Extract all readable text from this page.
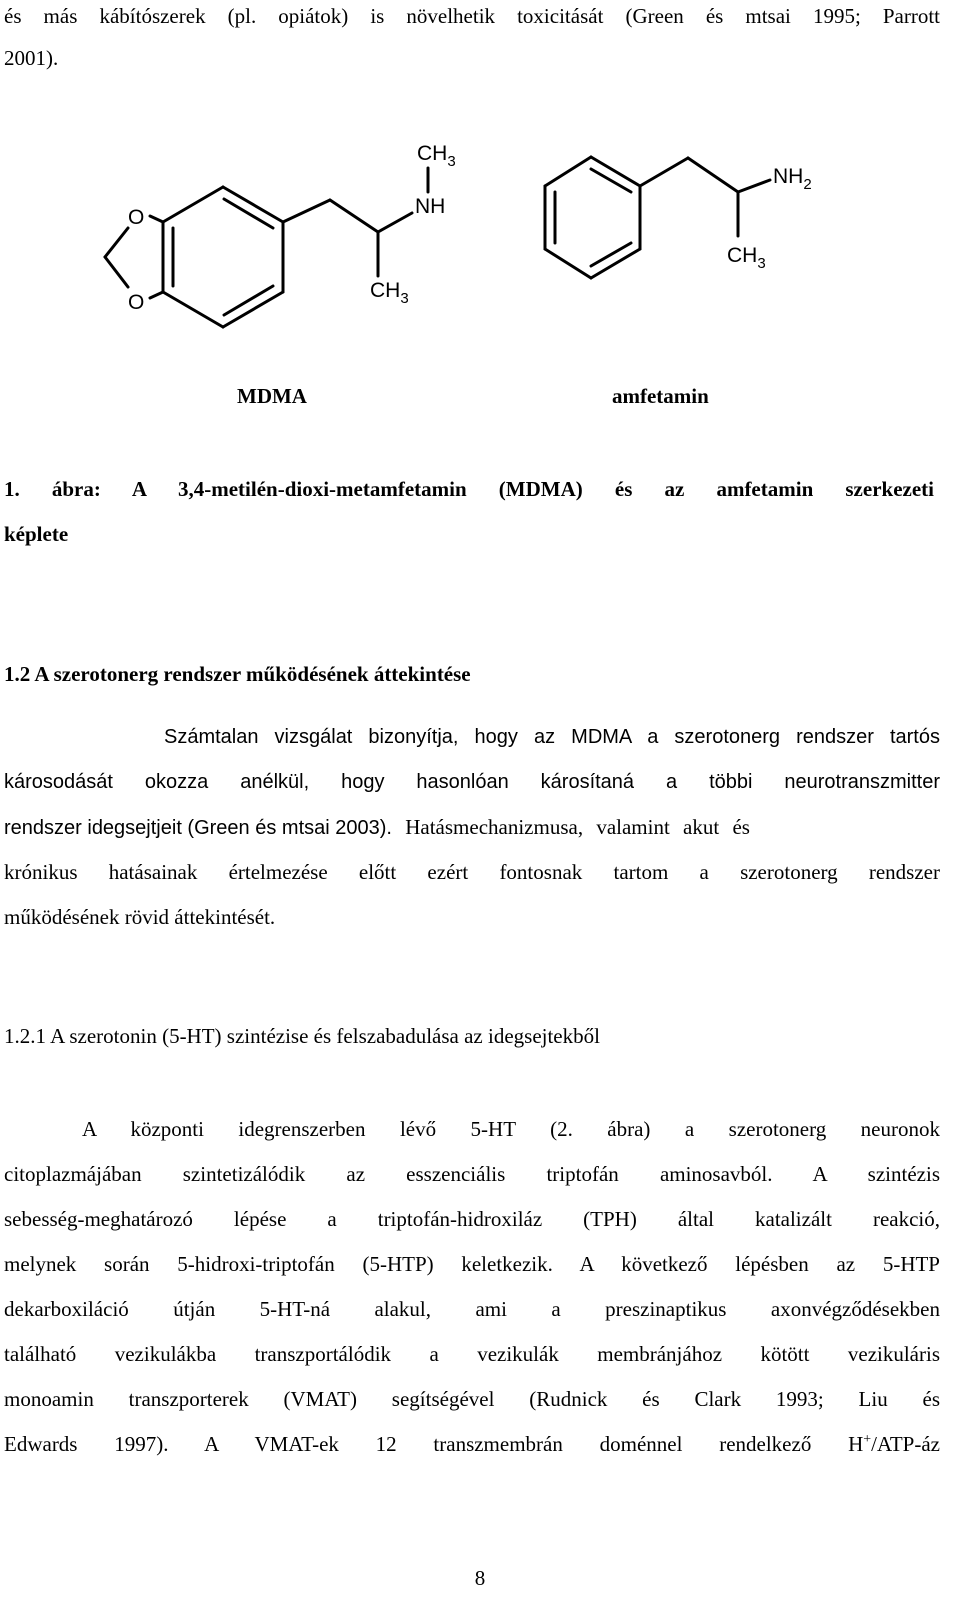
és más kábítószerek (pl. opiátok) is növelhetik toxicitását (Green és mtsai 1995; Parrott
2001).
O
O
$CH_3$
NH
$CH_3$
$NH_2$
$CH_3$
MDMA	amfetamin
1. ábra: A 3,4-metilén-dioxi-metamfetamin (MDMA) és az amfetamin szerkezeti
képlete
1.2 A szerotonerg rendszer működésének áttekintése
Számtalan vizsgálat bizonyítja, hogy az MDMA a szerotonerg rendszer tartós
károsodását okozza anélkül, hogy hasonlóan károsítaná a többi neurotranszmitter
rendszer idegsejtjeit (Green és mtsai 2003). Hatásmechanizmusa, valamint akut és
krónikus hatásainak értelmezése előtt ezért fontosnak tartom a szerotonerg rendszer
működésének rövid áttekintését.
1.2.1 A szerotonin (5-HT) szintézise és felszabadulása az idegsejtekből
A központi idegrenszerben lévő 5-HT (2. ábra) a szerotonerg neuronok
citoplazmájában szintetizálódik az esszenciális triptofán aminosavból. A szintézis
sebesség-meghatározó lépése a triptofán-hidroxiláz (TPH) által katalizált reakció,
melynek során 5-hidroxi-triptofán (5-HTP) keletkezik. A következő lépésben az 5-HTP
dekarboxiláció útján 5-HT-ná alakul, ami a preszinaptikus axonvégződésekben
található vezikulákba transzportálódik a vezikulák membránjához kötött vezikuláris
monoamin transzporterek (VMAT) segítségével (Rudnick és Clark 1993; Liu és
Edwards 1997). A VMAT-ek 12 transzmembrán doménnel rendelkező H+/ATP-áz
8
